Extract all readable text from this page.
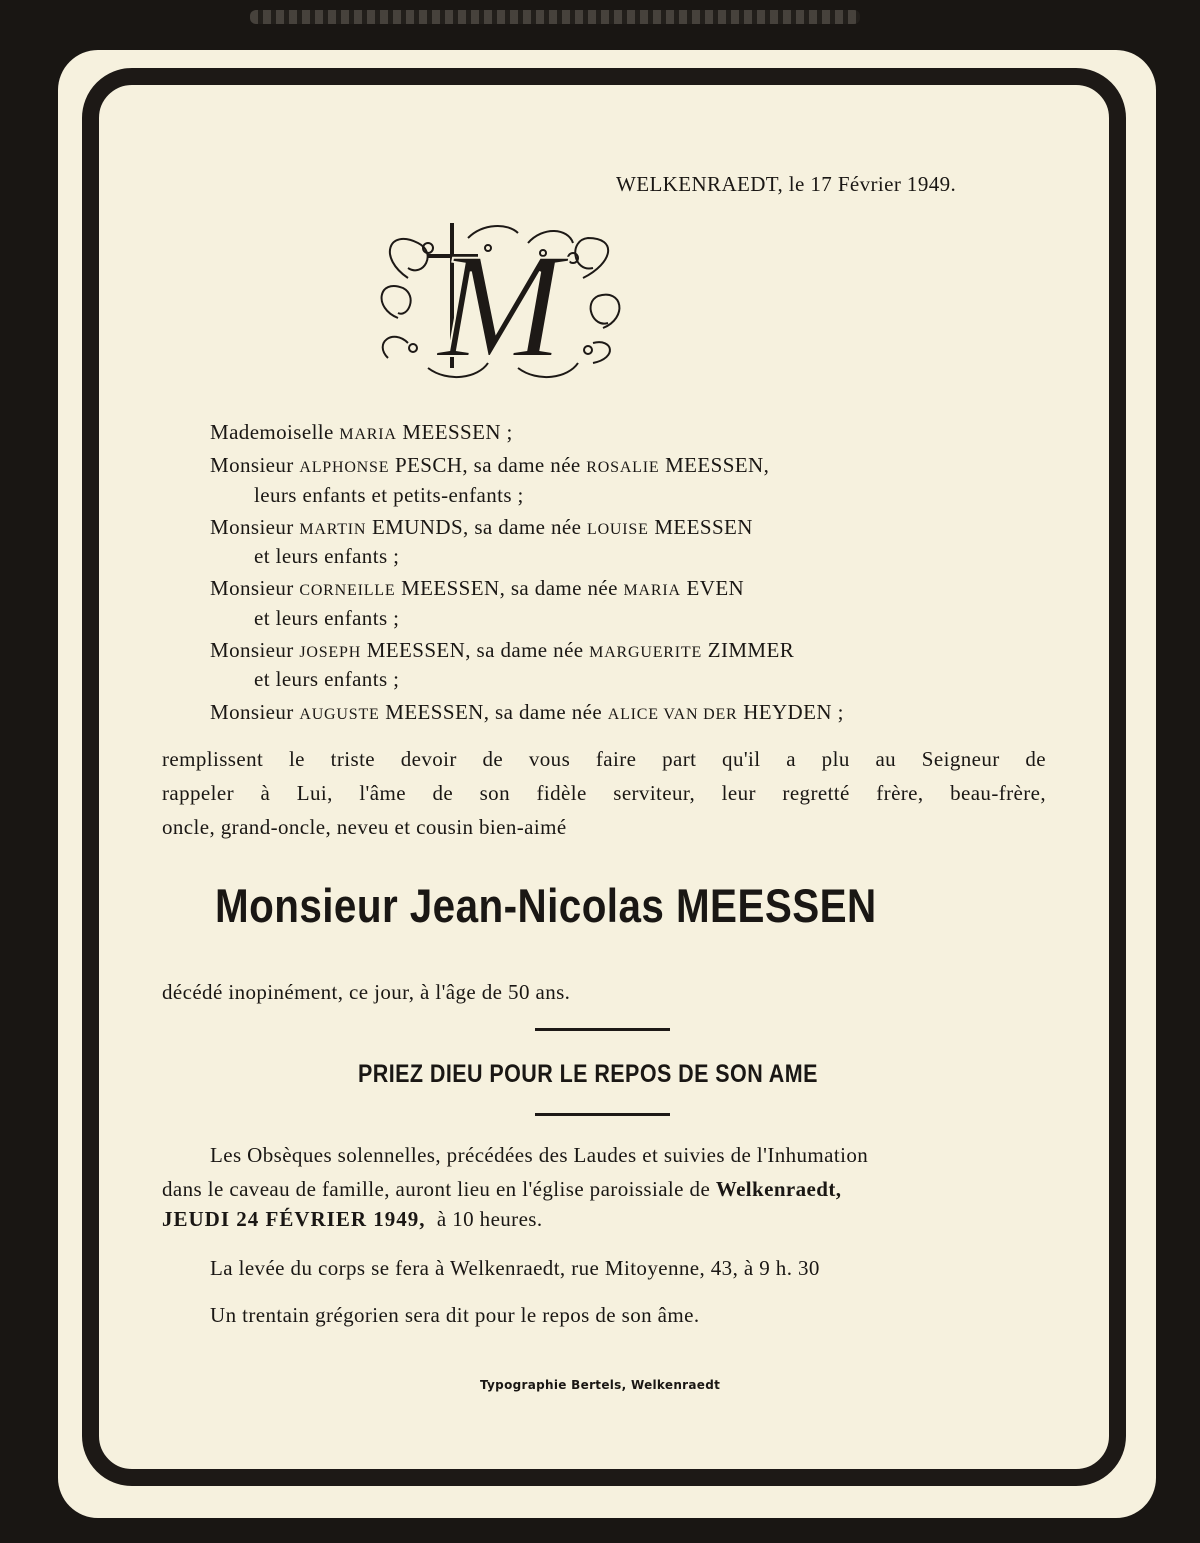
WELKENRAEDT, le 17 Février 1949.
M
Mademoiselle MARIA MEESSEN ;
Monsieur ALPHONSE PESCH, sa dame née ROSALIE MEESSEN,
leurs enfants et petits-enfants ;
Monsieur MARTIN EMUNDS, sa dame née LOUISE MEESSEN
et leurs enfants ;
Monsieur CORNEILLE MEESSEN, sa dame née MARIA EVEN
et leurs enfants ;
Monsieur JOSEPH MEESSEN, sa dame née MARGUERITE ZIMMER
et leurs enfants ;
Monsieur AUGUSTE MEESSEN, sa dame née ALICE VAN DER HEYDEN ;
remplissent le triste devoir de vous faire part qu'il a plu au Seigneur de
rappeler à Lui, l'âme de son fidèle serviteur, leur regretté frère, beau-frère,
oncle, grand-oncle, neveu et cousin bien-aimé
Monsieur Jean-Nicolas MEESSEN
décédé inopinément, ce jour, à l'âge de 50 ans.
PRIEZ DIEU POUR LE REPOS DE SON AME
Les Obsèques solennelles, précédées des Laudes et suivies de l'Inhumation
dans le caveau de famille, auront lieu en l'église paroissiale de Welkenraedt,
JEUDI 24 FÉVRIER 1949, à 10 heures.
La levée du corps se fera à Welkenraedt, rue Mitoyenne, 43, à 9 h. 30
Un trentain grégorien sera dit pour le repos de son âme.
Typographie Bertels, Welkenraedt
